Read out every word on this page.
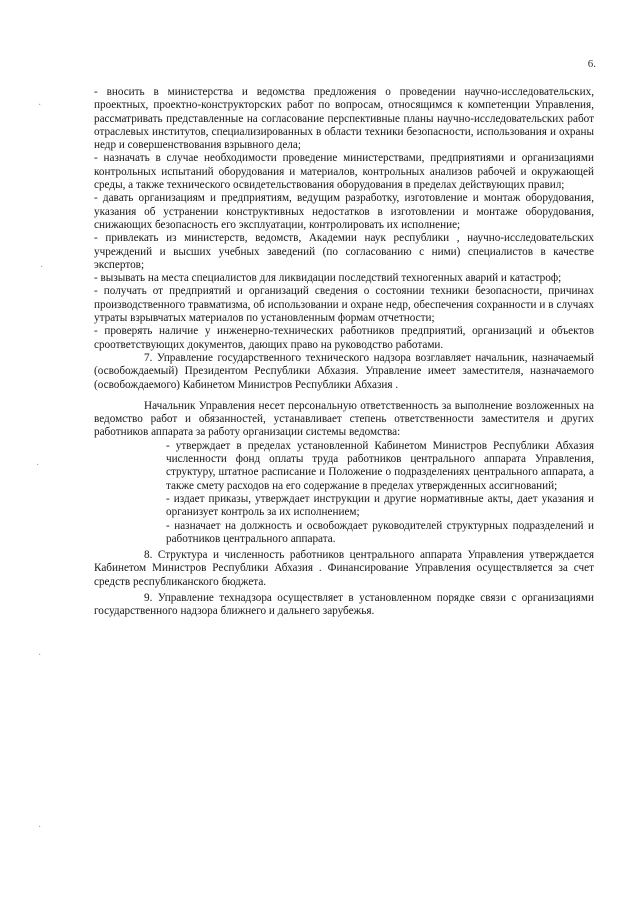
6.
·
·
·
·
·

- вносить в министерства и ведомства предложения о проведении научно-исследовательских, проектных, проектно-конструкторских работ по вопросам, относящимся к компетенции Управления, рассматривать представленные на согласование перспективные планы научно-исследовательских работ отраслевых институтов, специализированных в области техники безопасности, использования и охраны недр и совершенствования взрывного дела;

- назначать в случае необходимости проведение министерствами, предприятиями и организациями контрольных испытаний оборудования и материалов, контрольных анализов рабочей и окружающей среды, а также технического освидетельствования оборудования в пределах действующих правил;

- давать организациям и предприятиям, ведущим разработку, изготовление и монтаж оборудования, указания об устранении конструктивных недостатков в изготовлении и монтаже оборудования, снижающих безопасность его эксплуатации, контролировать их исполнение;

- привлекать из министерств, ведомств, Академии наук республики , научно-исследовательских учреждений и высших учебных заведений (по согласованию с ними) специалистов в качестве экспертов;

- вызывать на места специалистов для ликвидации последствий техногенных аварий и катастроф;

- получать от предприятий и организаций сведения о состоянии техники безопасности, причинах производственного травматизма, об использовании и охране недр, обеспечения сохранности и в случаях утраты взрывчатых материалов по установленным формам отчетности;

- проверять наличие у инженерно-технических работников предприятий, организаций и объектов сроответствующих документов, дающих право на руководство работами.

7. Управление государственного технического надзора возглавляет начальник, назначаемый (освобождаемый) Президентом Республики Абхазия. Управление имеет заместителя, назначаемого (освобождаемого) Кабинетом Министров Республики Абхазия .

Начальник Управления несет персональную ответственность за выполнение возложенных на ведомство работ и обязанностей, устанавливает степень ответственности заместителя и других работников аппарата за работу организации системы ведомства:

- утверждает в пределах установленной Кабинетом Министров Республики Абхазия численности фонд оплаты труда работников центрального аппарата Управления, структуру, штатное расписание и Положение о подразделениях центрального аппарата, а также смету расходов на его содержание в пределах утвержденных ассигнований;

- издает приказы, утверждает инструкции и другие нормативные акты, дает указания и организует контроль за их исполнением;

- назначает на должность и освобождает руководителей структурных подразделений и работников центрального аппарата.

8. Структура и численность работников центрального аппарата Управления утверждается Кабинетом Министров Республики Абхазия . Финансирование Управления осуществляется за счет средств республиканского бюджета.

9. Управление технадзора осуществляет в установленном порядке связи с организациями государственного надзора ближнего и дальнего зарубежья.
